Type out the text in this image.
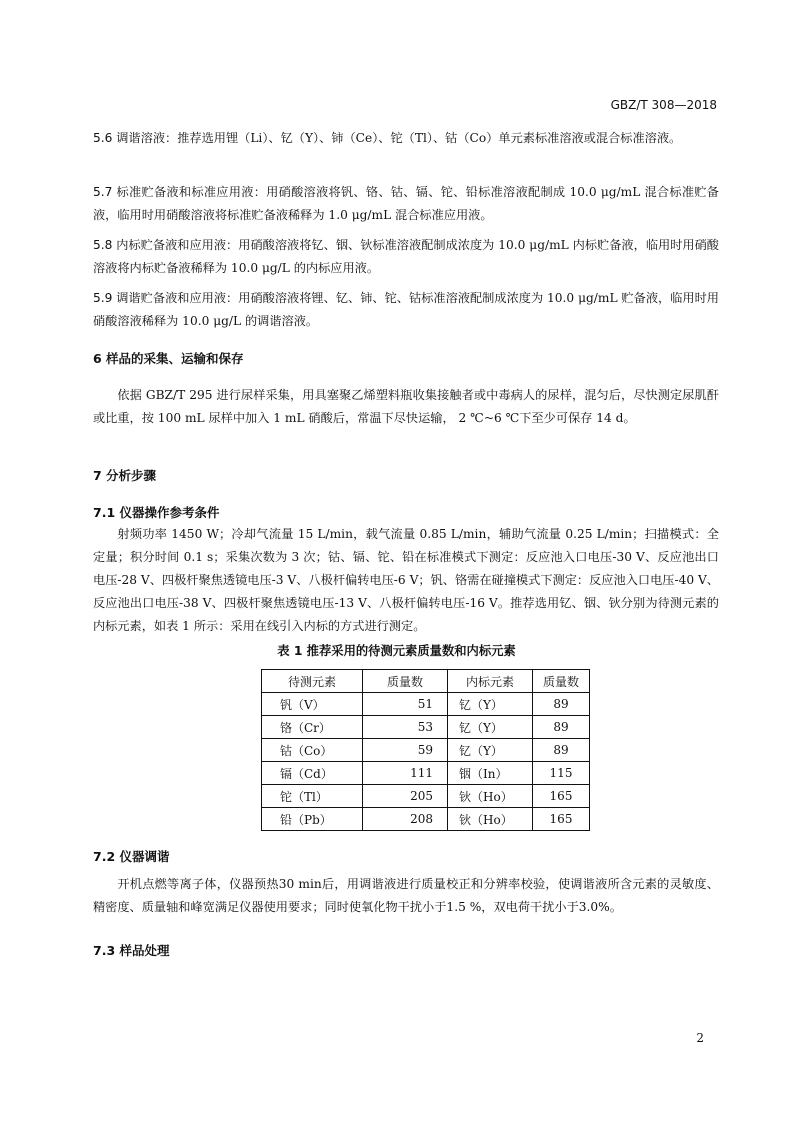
GBZ/T 308—2018

5.6 调谐溶液：推荐选用锂（Li）、钇（Y）、铈（Ce）、铊（Tl）、钴（Co）单元素标准溶液或混合标准溶液。

5.7 标准贮备液和标准应用液：用硝酸溶液将钒、铬、钴、镉、铊、铅标准溶液配制成 10.0 μg/mL 混合标准贮备液，临用时用硝酸溶液将标准贮备液稀释为 1.0 μg/mL 混合标准应用液。

5.8 内标贮备液和应用液：用硝酸溶液将钇、铟、钬标准溶液配制成浓度为 10.0 μg/mL 内标贮备液，临用时用硝酸溶液将内标贮备液稀释为 10.0 μg/L 的内标应用液。

5.9 调谐贮备液和应用液：用硝酸溶液将锂、钇、铈、铊、钴标准溶液配制成浓度为 10.0 μg/mL 贮备液，临用时用硝酸溶液稀释为 10.0 μg/L 的调谐溶液。

6 样品的采集、运输和保存

依据 GBZ/T 295 进行尿样采集，用具塞聚乙烯塑料瓶收集接触者或中毒病人的尿样，混匀后，尽快测定尿肌酐或比重，按 100 mL 尿样中加入 1 mL 硝酸后，常温下尽快运输， 2 ℃~6 ℃下至少可保存 14 d。

7 分析步骤
7.1 仪器操作参考条件

射频功率 1450 W；冷却气流量 15 L/min，载气流量 0.85 L/min，辅助气流量 0.25 L/min；扫描模式：全定量；积分时间 0.1 s；采集次数为 3 次；钴、镉、铊、铅在标准模式下测定：反应池入口电压-30 V、反应池出口电压-28 V、四极杆聚焦透镜电压-3 V、八极杆偏转电压-6 V；钒、铬需在碰撞模式下测定：反应池入口电压-40 V、反应池出口电压-38 V、四极杆聚焦透镜电压-13 V、八极杆偏转电压-16 V。推荐选用钇、铟、钬分别为待测元素的内标元素，如表 1 所示：采用在线引入内标的方式进行测定。

表 1 推荐采用的待测元素质量数和内标元素
待测元素	质量数	内标元素	质量数
钒（V）	51	钇（Y）	89
铬（Cr）	53	钇（Y）	89
钴（Co）	59	钇（Y）	89
镉（Cd）	111	铟（In）	115
铊（Tl）	205	钬（Ho）	165
铅（Pb）	208	钬（Ho）	165
7.2 仪器调谐

开机点燃等离子体，仪器预热30 min后，用调谐液进行质量校正和分辨率校验，使调谐液所含元素的灵敏度、精密度、质量轴和峰宽满足仪器使用要求；同时使氧化物干扰小于1.5 %，双电荷干扰小于3.0%。

7.3 样品处理
2
